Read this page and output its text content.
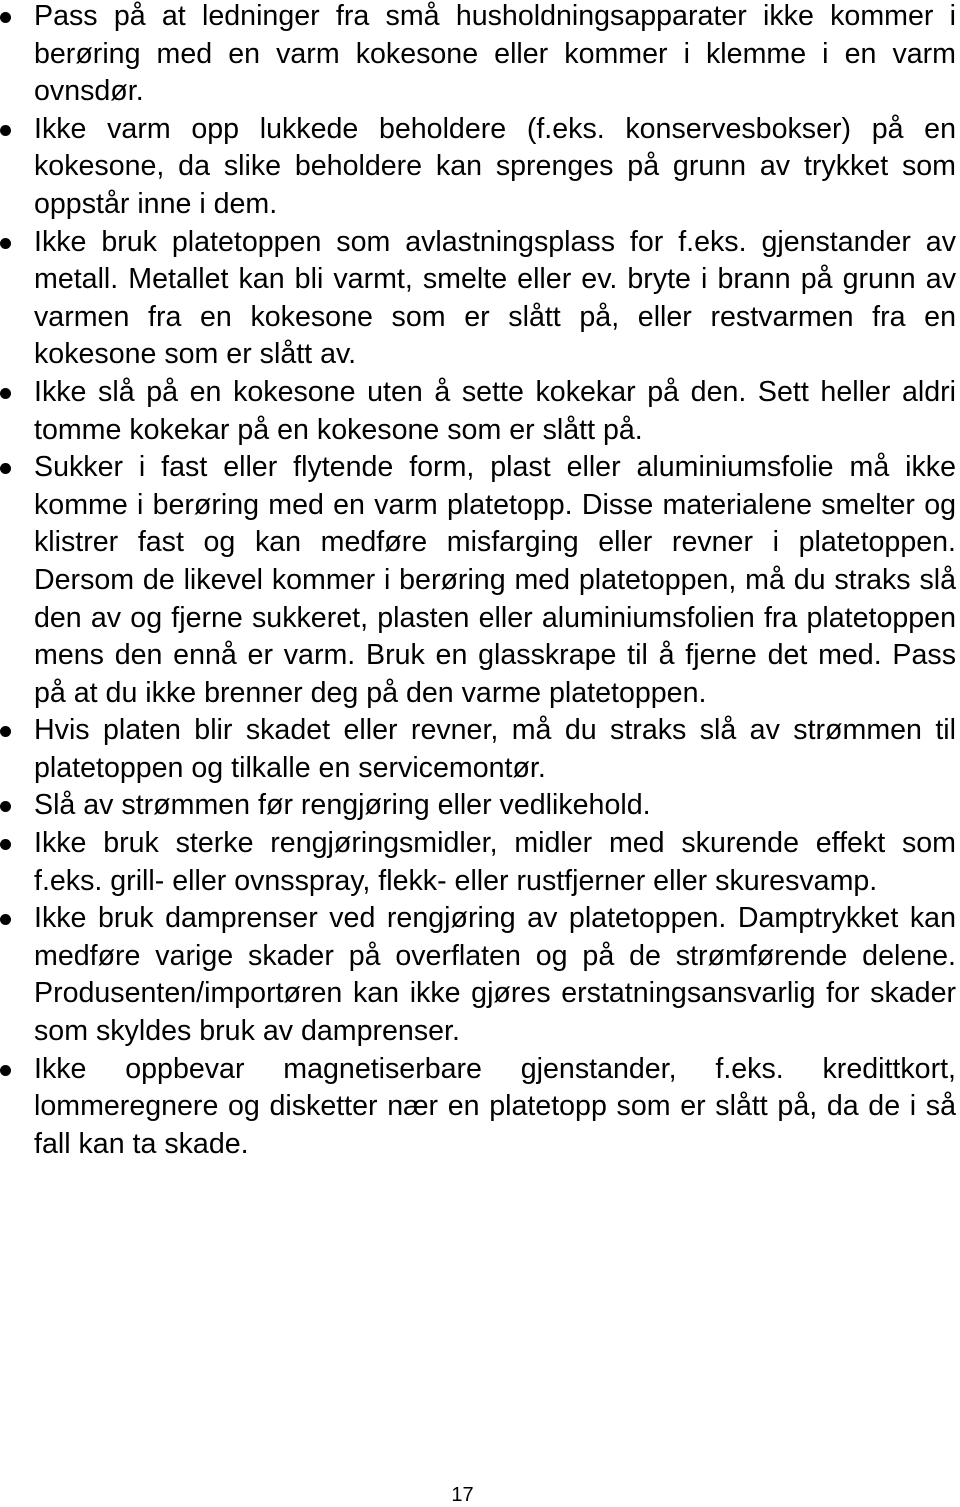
Pass på at ledninger fra små husholdningsapparater ikke kommer i berøring med en varm kokesone eller kommer i klemme i en varm ovnsdør.
Ikke varm opp lukkede beholdere (f.eks. konservesbokser) på en kokesone, da slike beholdere kan sprenges på grunn av trykket som oppstår inne i dem.
Ikke bruk platetoppen som avlastningsplass for f.eks. gjenstander av metall. Metallet kan bli varmt, smelte eller ev. bryte i brann på grunn av varmen fra en kokesone som er slått på, eller restvarmen fra en kokesone som er slått av.
Ikke slå på en kokesone uten å sette kokekar på den. Sett heller aldri tomme kokekar på en kokesone som er slått på.
Sukker i fast eller flytende form, plast eller aluminiumsfolie må ikke komme i berøring med en varm platetopp. Disse materialene smelter og klistrer fast og kan medføre misfarging eller revner i platetoppen. Dersom de likevel kommer i berøring med platetoppen, må du straks slå den av og fjerne sukkeret, plasten eller aluminiumsfolien fra platetoppen mens den ennå er varm. Bruk en glasskrape til å fjerne det med. Pass på at du ikke brenner deg på den varme platetoppen.
Hvis platen blir skadet eller revner, må du straks slå av strømmen til platetoppen og tilkalle en servicemontør.
Slå av strømmen før rengjøring eller vedlikehold.
Ikke bruk sterke rengjøringsmidler, midler med skurende effekt som f.eks. grill- eller ovnsspray, flekk- eller rustfjerner eller skuresvamp.
Ikke bruk damprenser ved rengjøring av platetoppen. Damptrykket kan medføre varige skader på overflaten og på de strømførende delene. Produsenten/importøren kan ikke gjøres erstatningsansvarlig for skader som skyldes bruk av damprenser.
Ikke oppbevar magnetiserbare gjenstander, f.eks. kredittkort, lommeregnere og disketter nær en platetopp som er slått på, da de i så fall kan ta skade.
17
